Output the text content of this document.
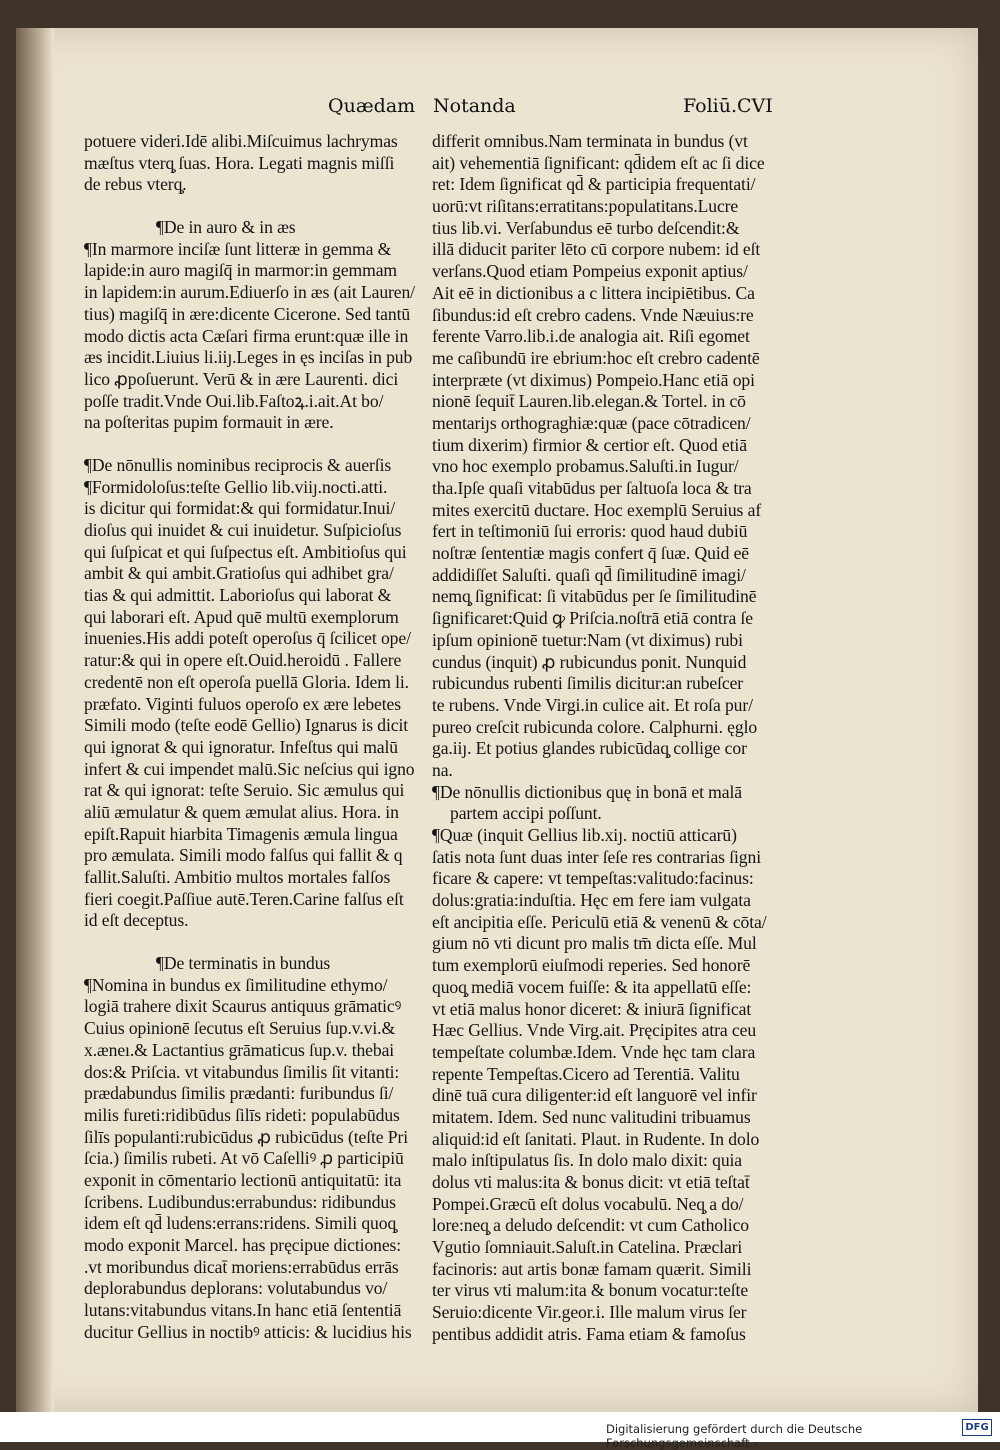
Quædam Notanda	Foliū.CVI
potuere videri.Idē alibi.Miſcuimus lachrymas
mæſtus vterq̧ ſuas. Hora. Legati magnis miſſi
de rebus vterq̧.
¶De in auro & in æs
¶In marmore inciſæ ſunt litteræ in gemma &
lapide:in auro magiſq̄ in marmor:in gemmam
in lapidem:in aurum.Ediuerſo in æs (ait Lauren/
tius) magiſq̄ in ære:dicente Cicerone. Sed tantū
modo dictis acta Cæſari firma erunt:quæ ille in
æs incidit.Liuius li.iiȷ.Leges in ęs inciſas in pub
lico ꝓpoſuerunt. Verū & in ære Laurenti. dici
poſſe tradit.Vnde Oui.lib.Faſtoꝝ.i.ait.At bo/
na poſteritas pupim formauit in ære.
¶De nōnullis nominibus reciprocis & auerſis
¶Formidoloſus:teſte Gellio lib.viiȷ.nocti.atti.
is dicitur qui formidat:& qui formidatur.Inui/
dioſus qui inuidet & cui inuidetur. Suſpicioſus
qui ſuſpicat et qui ſuſpectus eſt. Ambitioſus qui
ambit & qui ambit.Gratioſus qui adhibet gra/
tias & qui admittit. Laborioſus qui laborat &
qui laborari eſt. Apud quē multū exemplorum
inuenies.His addi poteſt operoſus q̄ ſcilicet ope/
ratur:& qui in opere eſt.Ouid.heroidū . Fallere
credentē non eſt operoſa puellā Gloria. Idem li.
præfato. Viginti fuluos operoſo ex ære lebetes
Simili modo (teſte eodē Gellio) Ignarus is dicit
qui ignorat & qui ignoratur. Infeſtus qui malū
infert & cui impendet malū.Sic neſcius qui igno
rat & qui ignorat: teſte Seruio. Sic æmulus qui
aliū æmulatur & quem æmulat alius. Hora. in
epiſt.Rapuit hiarbita Timagenis æmula lingua
pro æmulata. Simili modo falſus qui fallit & q
fallit.Saluſti. Ambitio multos mortales falſos
fieri coegit.Paſſiue autē.Teren.Carine falſus eſt
id eſt deceptus.
¶De terminatis in bundus
¶Nomina in bundus ex ſimilitudine ethymo/
logiā trahere dixit Scaurus antiquus grāmaticꝰ
Cuius opinionē ſecutus eſt Seruius ſup.v.vi.&
x.æneı.& Lactantius grāmaticus ſup.v. thebai
dos:& Priſcia. vt vitabundus ſimilis ſit vitanti:
prædabundus ſimilis prædanti: furibundus ſi/
milis fureti:ridibūdus ſilīs rideti: populabūdus
ſilīs populanti:rubicūdus ꝓ rubicūdus (teſte Pri
ſcia.) ſimilis rubeti. At vō Caſelliꝰ ꝓ participiū
exponit in cōmentario lectionū antiquitatū: ita
ſcribens. Ludibundus:errabundus: ridibundus
idem eſt qd̄ ludens:errans:ridens. Simili quoq̧
modo exponit Marcel. has pręcipue dictiones:
.vt moribundus dicat̄ moriens:errabūdus errās
deplorabundus deplorans: volutabundus vo/
lutans:vitabundus vitans.In hanc etiā ſententiā
ducitur Gellius in noctibꝰ atticis: & lucidius his
differit omnibus.Nam terminata in bundus (vt
ait) vehementiā ſignificant: qd̄idem eſt ac ſi dice
ret: Idem ſignificat qd̄ & participia frequentati/
uorū:vt riſitans:erratitans:populatitans.Lucre
tius lib.vi. Verſabundus eē turbo deſcendit:&
illā diducit pariter lēto cū corpore nubem: id eſt
verſans.Quod etiam Pompeius exponit aptius/
Ait eē in dictionibus a c littera incipiētibus. Ca
ſibundus:id eſt crebro cadens. Vnde Næuius:re
ferente Varro.lib.i.de analogia ait. Riſi egomet
me caſibundū ire ebrium:hoc eſt crebro cadentē
interpræte (vt diximus) Pompeio.Hanc etiā opi
nionē ſequit̄ Lauren.lib.elegan.& Tortel. in cō
mentariȷs orthograghiæ:quæ (pace cōtradicen/
tium dixerim) firmior & certior eſt. Quod etiā
vno hoc exemplo probamus.Saluſti.in Iugur/
tha.Ipſe quaſi vitabūdus per ſaltuoſa loca & tra
mites exercitū ductare. Hoc exemplū Seruius af
fert in teſtimoniū ſui erroris: quod haud dubiū
noſtræ ſententiæ magis confert q̄ ſuæ. Quid eē
addidiſſet Saluſti. quaſi qd̄ ſimilitudinē imagi/
nemq̧ ſignificat: ſi vitabūdus per ſe ſimilitudinē
ſignificaret:Quid ꝙ Priſcia.noſtrā etiā contra ſe
ipſum opinionē tuetur:Nam (vt diximus) rubi
cundus (inquit) ꝓ rubicundus ponit. Nunquid
rubicundus rubenti ſimilis dicitur:an rubeſcer
te rubens. Vnde Virgi.in culice ait. Et roſa pur/
pureo creſcit rubicunda colore. Calphurni. ęglo
ga.iiȷ. Et potius glandes rubicūdaq̧ collige cor
na.
¶De nōnullis dictionibus quę in bonā et malā
partem accipi poſſunt.
¶Quæ (inquit Gellius lib.xiȷ. noctiū atticarū)
ſatis nota ſunt duas inter ſeſe res contrarias ſigni
ficare & capere: vt tempeſtas:valitudo:facinus:
dolus:gratia:induſtia. Hęc em fere iam vulgata
eſt ancipitia eſſe. Periculū etiā & venenū & cōta/
gium nō vti dicunt pro malis tm̄ dicta eſſe. Mul
tum exemplorū eiuſmodi reperies. Sed honorē
quoq̧ mediā vocem fuiſſe: & ita appellatū eſſe:
vt etiā malus honor diceret: & iniurā ſignificat
Hæc Gellius. Vnde Virg.ait. Pręcipites atra ceu
tempeſtate columbæ.Idem. Vnde hęc tam clara
repente Tempeſtas.Cicero ad Terentiā. Valitu
dinē tuā cura diligenter:id eſt languorē vel infir
mitatem. Idem. Sed nunc valitudini tribuamus
aliquid:id eſt ſanitati. Plaut. in Rudente. In dolo
malo inſtipulatus ſis. In dolo malo dixit: quia
dolus vti malus:ita & bonus dicit: vt etiā teſtat̄
Pompei.Græcū eſt dolus vocabulū. Neq̧ a do/
lore:neq̧ a deludo deſcendit: vt cum Catholico
Vgutio ſomniauit.Saluſt.in Catelina. Præclari
facinoris: aut artis bonæ famam quærit. Simili
ter virus vti malum:ita & bonum vocatur:teſte
Seruio:dicente Vir.geor.i. Ille malum virus ſer
pentibus addidit atris. Fama etiam & famoſus
Digitalisierung gefördert durch die Deutsche Forschungsgemeinschaft -
DFG
